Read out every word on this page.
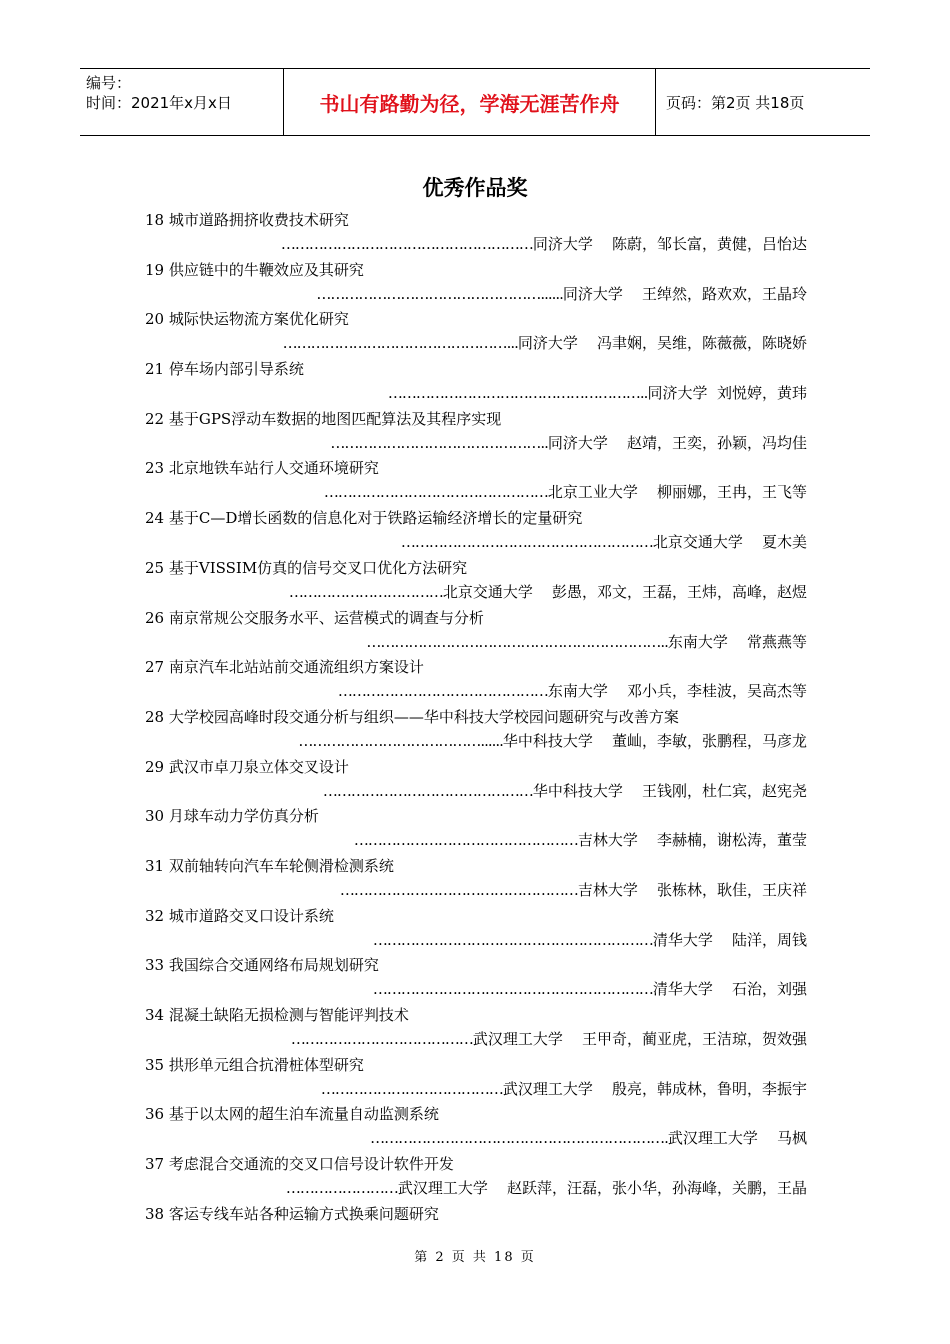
编号：
时间：2021年x月x日	书山有路勤为径，学海无涯苦作舟	页码：第2页 共18页
优秀作品奖
18 城市道路拥挤收费技术研究
………………………………………………同济大学    陈蔚，邹长富，黄健，吕怡达
19 供应链中的牛鞭效应及其研究
…………………………………………......同济大学    王绰然，路欢欢，王晶玲
20 城际快运物流方案优化研究
…………………………………………...同济大学    冯聿娴，吴维，陈薇薇，陈晓娇
21 停车场内部引导系统
………………………………………………..同济大学  刘悦婷，黄玮
22 基于GPS浮动车数据的地图匹配算法及其程序实现
………………………………………..同济大学    赵靖，王奕，孙颖，冯均佳
23 北京地铁车站行人交通环境研究
…………………………………………北京工业大学    柳丽娜，王冉，王飞等
24 基于C—D增长函数的信息化对于铁路运输经济增长的定量研究
………………………………………………北京交通大学    夏木美
25 基于VISSIM仿真的信号交叉口优化方法研究
……………………………北京交通大学    彭愚，邓文，王磊，王炜，高峰，赵煜
26 南京常规公交服务水平、运营模式的调查与分析
………………………………………………………..东南大学    常燕燕等
27 南京汽车北站站前交通流组织方案设计
………………………………………东南大学    邓小兵，李桂波，吴高杰等
28 大学校园高峰时段交通分析与组织——华中科技大学校园问题研究与改善方案
…………………………………......华中科技大学    董屾，李敏，张鹏程，马彦龙
29 武汉市卓刀泉立体交叉设计
………………………………………华中科技大学    王钱刚，杜仁宾，赵宪尧
30 月球车动力学仿真分析
…………………………………………吉林大学    李赫楠，谢松涛，董莹
31 双前轴转向汽车车轮侧滑检测系统
……………………………………………吉林大学    张栋林，耿佳，王庆祥
32 城市道路交叉口设计系统
……………………………………………………清华大学    陆洋，周钱
33 我国综合交通网络布局规划研究
……………………………………………………清华大学    石治，刘强
34 混凝土缺陷无损检测与智能评判技术
…………………………………武汉理工大学    王甲奇，蔺亚虎，王洁琼，贺效强
35 拱形单元组合抗滑桩体型研究
…………………………………武汉理工大学    殷亮，韩成林，鲁明，李振宇
36 基于以太网的超生泊车流量自动监测系统
……………………………………………………….武汉理工大学    马枫
37 考虑混合交通流的交叉口信号设计软件开发
……………………武汉理工大学    赵跃萍，汪磊，张小华，孙海峰，关鹏，王晶
38 客运专线车站各种运输方式换乘问题研究
第 2 页 共 18 页
